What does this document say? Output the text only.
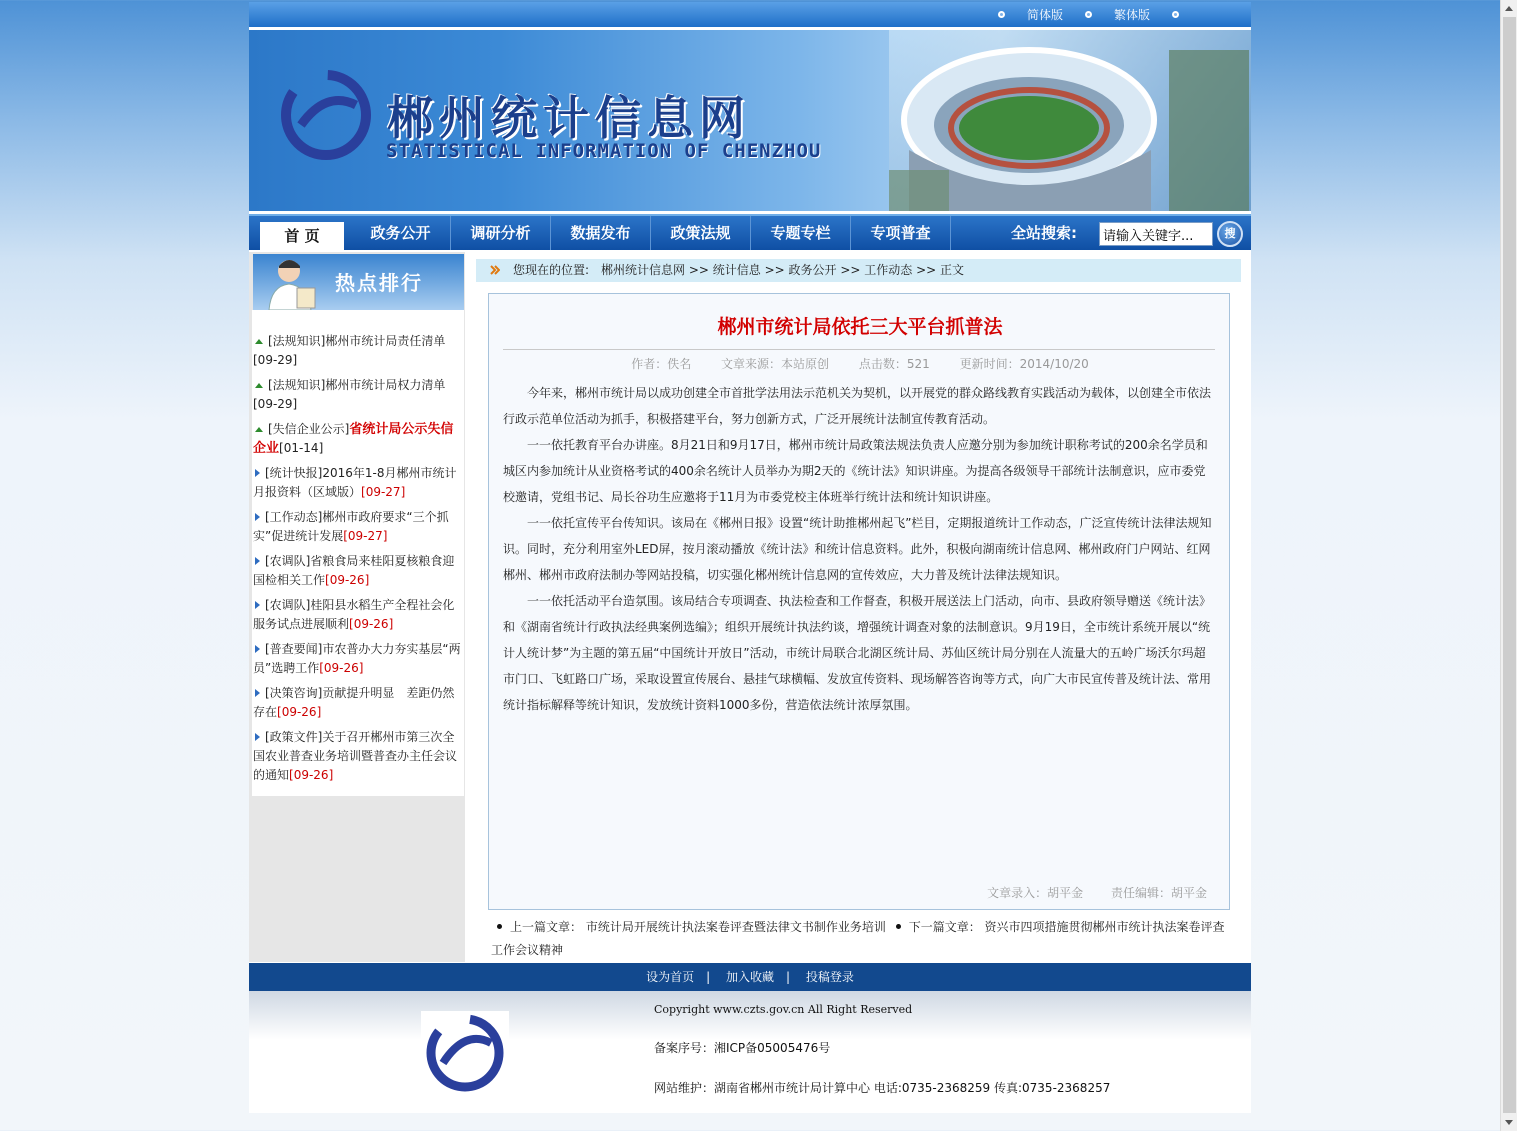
简体版	繁体版
郴州统计信息网
STATISTICAL INFORMATION OF CHENZHOU
首 页	政务公开	调研分析	数据发布	政策法规	专题专栏	专项普查	全站搜索:
请输入关键字...	搜
热点排行
[法规知识]郴州市统计局责任清单
[09-29]
[法规知识]郴州市统计局权力清单
[09-29]
[失信企业公示]省统计局公示失信企业[01-14]
[统计快报]2016年1-8月郴州市统计月报资料（区域版）[09-27]
[工作动态]郴州市政府要求“三个抓实”促进统计发展[09-27]
[农调队]省粮食局来桂阳夏核粮食迎国检相关工作[09-26]
[农调队]桂阳县水稻生产全程社会化服务试点进展顺利[09-26]
[普查要闻]市农普办大力夯实基层“两员”选聘工作[09-26]
[决策咨询]贡献提升明显　差距仍然存在[09-26]
[政策文件]关于召开郴州市第三次全国农业普查业务培训暨普查办主任会议的通知[09-26]
您现在的位置:　郴州统计信息网 >> 统计信息 >> 政务公开 >> 工作动态 >> 正文
郴州市统计局依托三大平台抓普法
作者：佚名 文章来源：本站原创 点击数：521 更新时间：2014/10/20

今年来，郴州市统计局以成功创建全市首批学法用法示范机关为契机，以开展党的群众路线教育实践活动为载体，以创建全市依法行政示范单位活动为抓手，积极搭建平台，努力创新方式，广泛开展统计法制宣传教育活动。

一一依托教育平台办讲座。8月21日和9月17日，郴州市统计局政策法规法负责人应邀分别为参加统计职称考试的200余名学员和城区内参加统计从业资格考试的400余名统计人员举办为期2天的《统计法》知识讲座。为提高各级领导干部统计法制意识，应市委党校邀请，党组书记、局长谷功生应邀将于11月为市委党校主体班举行统计法和统计知识讲座。

一一依托宣传平台传知识。该局在《郴州日报》设置“统计助推郴州起飞”栏目，定期报道统计工作动态，广泛宣传统计法律法规知识。同时，充分利用室外LED屏，按月滚动播放《统计法》和统计信息资料。此外，积极向湖南统计信息网、郴州政府门户网站、红网郴州、郴州市政府法制办等网站投稿，切实强化郴州统计信息网的宣传效应，大力普及统计法律法规知识。

一一依托活动平台造氛围。该局结合专项调查、执法检查和工作督查，积极开展送法上门活动，向市、县政府领导赠送《统计法》和《湖南省统计行政执法经典案例选编》；组织开展统计执法约谈，增强统计调查对象的法制意识。9月19日，全市统计系统开展以“统计人统计梦”为主题的第五届“中国统计开放日”活动，市统计局联合北湖区统计局、苏仙区统计局分别在人流量大的五岭广场沃尔玛超市门口、飞虹路口广场，采取设置宣传展台、悬挂气球横幅、发放宣传资料、现场解答咨询等方式，向广大市民宣传普及统计法、常用统计指标解释等统计知识，发放统计资料1000多份，营造依法统计浓厚氛围。

文章录入：胡平金 责任编辑：胡平金
上一篇文章： 市统计局开展统计执法案卷评查暨法律文书制作业务培训 下一篇文章： 资兴市四项措施贯彻郴州市统计执法案卷评查工作会议精神
设为首页 | 加入收藏 | 投稿登录
Copyright www.czts.gov.cn All Right Reserved
备案序号：湘ICP备05005476号
网站维护：湖南省郴州市统计局计算中心 电话:0735-2368259 传真:0735-2368257
